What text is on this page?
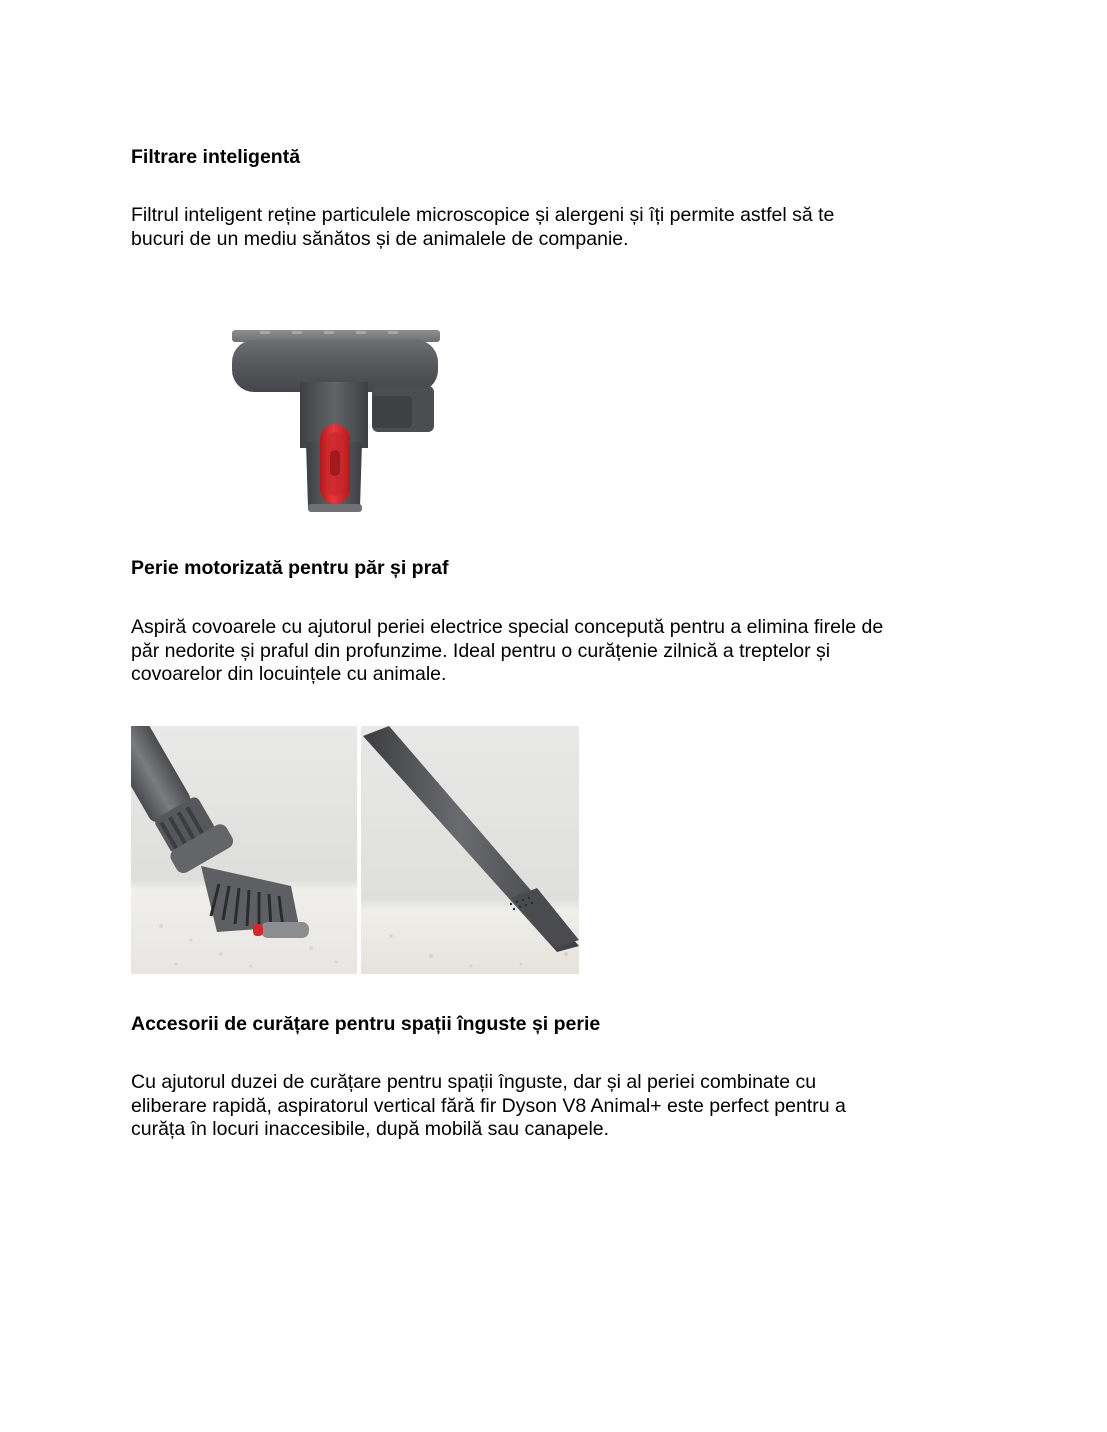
Filtrare inteligentă

Filtrul inteligent reține particulele microscopice și alergeni și îți permite astfel să te
bucuri de un mediu sănătos și de animalele de companie.

Perie motorizată pentru păr și praf

Aspiră covoarele cu ajutorul periei electrice special concepută pentru a elimina firele de
păr nedorite și praful din profunzime. Ideal pentru o curățenie zilnică a treptelor și
covoarelor din locuințele cu animale.

Accesorii de curățare pentru spații înguste și perie

Cu ajutorul duzei de curățare pentru spații înguste, dar și al periei combinate cu
eliberare rapidă, aspiratorul vertical fără fir Dyson V8 Animal+ este perfect pentru a
curăța în locuri inaccesibile, după mobilă sau canapele.
